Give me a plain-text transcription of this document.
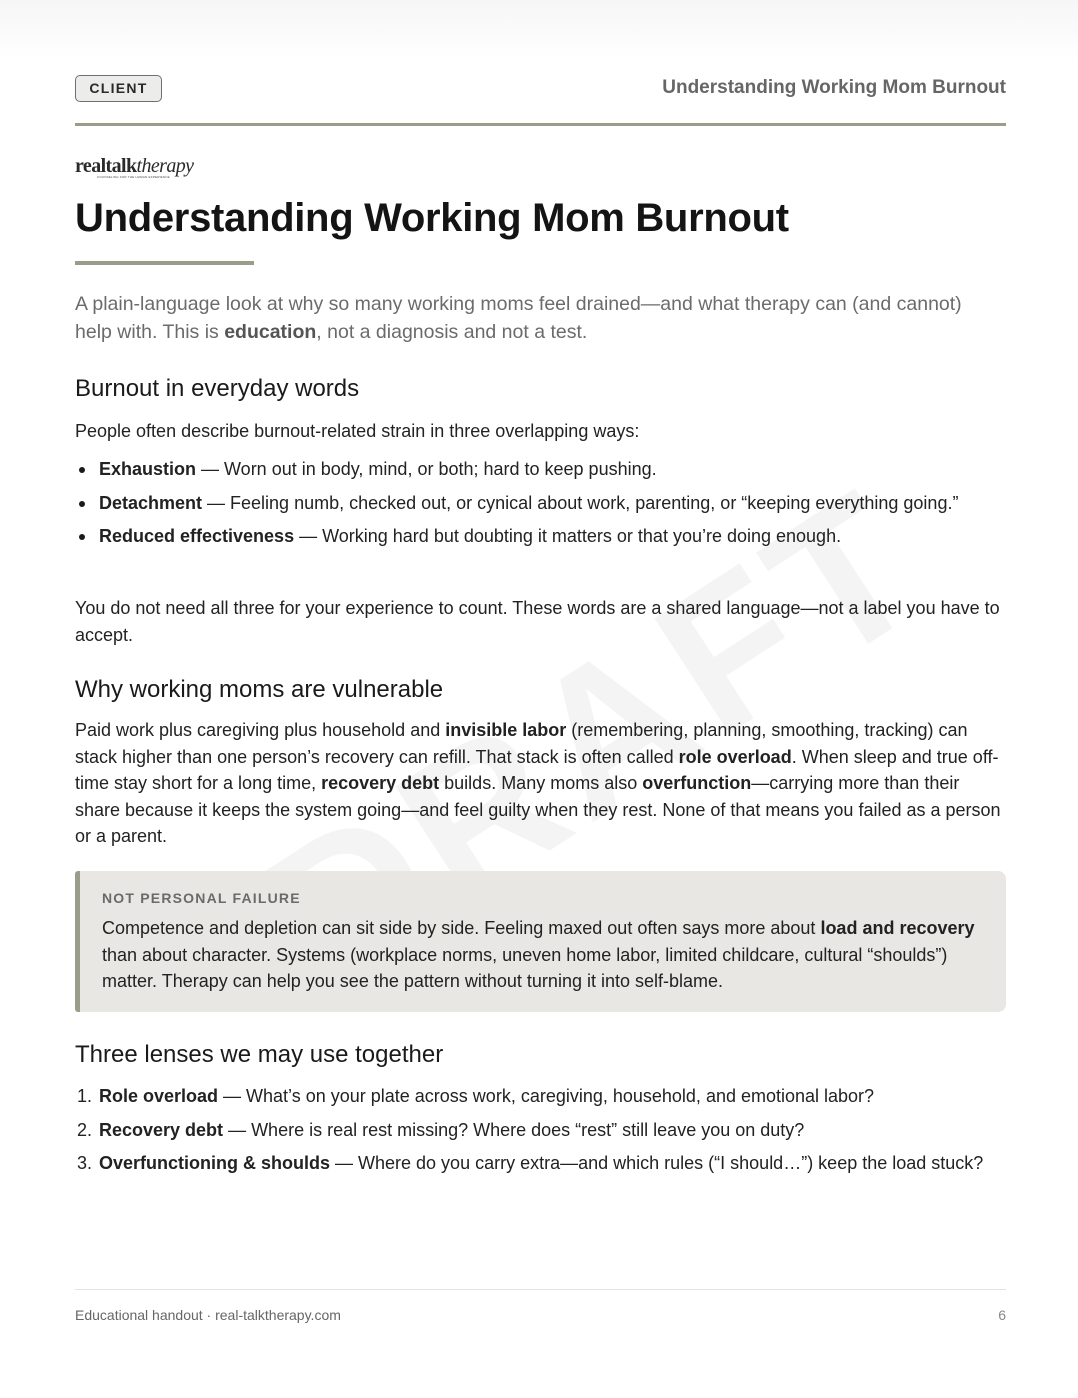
CLIENT	Understanding Working Mom Burnout
realtalktherapy
COUNSELING FOR THE HUMAN EXPERIENCE
Understanding Working Mom Burnout

A plain-language look at why so many working moms feel drained—and what therapy can (and cannot) help with. This is education, not a diagnosis and not a test.

Burnout in everyday words

People often describe burnout-related strain in three overlapping ways:

Exhaustion — Worn out in body, mind, or both; hard to keep pushing.
Detachment — Feeling numb, checked out, or cynical about work, parenting, or “keeping everything going.”
Reduced effectiveness — Working hard but doubting it matters or that you’re doing enough.

You do not need all three for your experience to count. These words are a shared language—not a label you have to accept.

Why working moms are vulnerable

Paid work plus caregiving plus household and invisible labor (remembering, planning, smoothing, tracking) can stack higher than one person’s recovery can refill. That stack is often called role overload. When sleep and true off-time stay short for a long time, recovery debt builds. Many moms also overfunction—carrying more than their share because it keeps the system going—and feel guilty when they rest. None of that means you failed as a person or a parent.

NOT PERSONAL FAILURE

Competence and depletion can sit side by side. Feeling maxed out often says more about load and recovery than about character. Systems (workplace norms, uneven home labor, limited childcare, cultural “shoulds”) matter. Therapy can help you see the pattern without turning it into self-blame.

Three lenses we may use together
1. Role overload — What’s on your plate across work, caregiving, household, and emotional labor?
2. Recovery debt — Where is real rest missing? Where does “rest” still leave you on duty?
3. Overfunctioning & shoulds — Where do you carry extra—and which rules (“I should…”) keep the load stuck?
Educational handout · real-talktherapy.com	6
